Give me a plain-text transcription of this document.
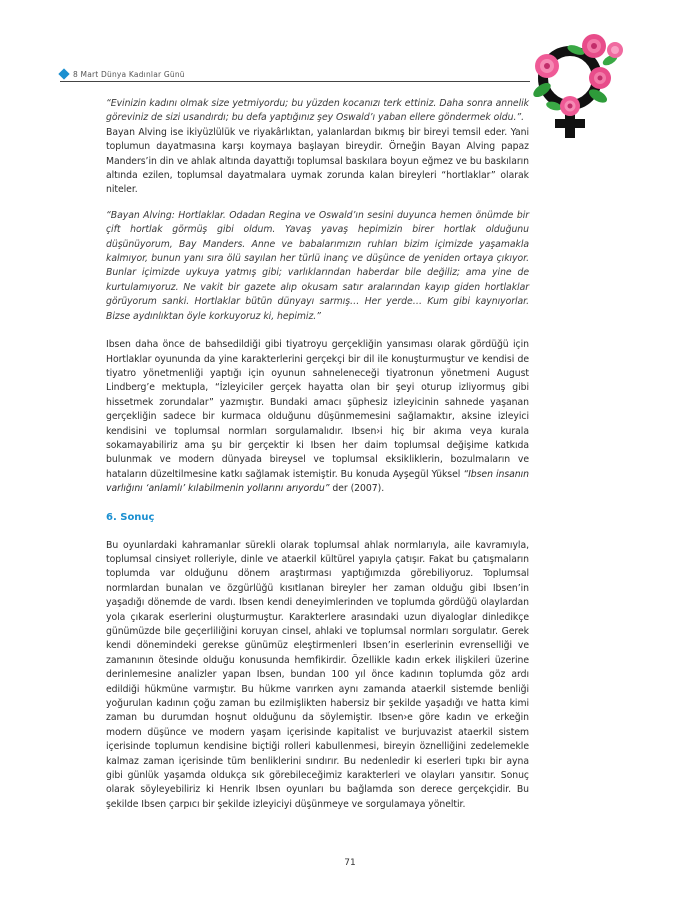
8 Mart Dünya Kadınlar Günü

“Evinizin kadını olmak size yetmiyordu; bu yüzden kocanızı terk ettiniz. Daha sonra annelik göreviniz de sizi usandırdı; bu defa yaptığınız şey Oswald’ı yaban ellere göndermek oldu.”.

Bayan Alving ise ikiyüzlülük ve riyakârlıktan, yalanlardan bıkmış bir bireyi temsil eder. Yani toplumun dayatmasına karşı koymaya başlayan bireydir. Örneğin Bayan Alving papaz Manders’in din ve ahlak altında dayattığı toplumsal baskılara boyun eğmez ve bu baskıların altında ezilen, toplumsal dayatmalara uymak zorunda kalan bireyleri “hortlaklar” olarak niteler.

“Bayan Alving: Hortlaklar. Odadan Regina ve Oswald’ın sesini duyunca hemen önümde bir çift hortlak görmüş gibi oldum. Yavaş yavaş hepimizin birer hortlak olduğunu düşünüyorum, Bay Manders. Anne ve babalarımızın ruhları bizim içimizde yaşamakla kalmıyor, bunun yanı sıra ölü sayılan her türlü inanç ve düşünce de yeniden ortaya çıkıyor. Bunlar içimizde uykuya yatmış gibi; varlıklarından haberdar bile değiliz; ama yine de kurtulamıyoruz. Ne vakit bir gazete alıp okusam satır aralarından kayıp giden hortlaklar görüyorum sanki. Hortlaklar bütün dünyayı sarmış… Her yerde… Kum gibi kaynıyorlar. Bizse aydınlıktan öyle korkuyoruz ki, hepimiz.”

Ibsen daha önce de bahsedildiği gibi tiyatroyu gerçekliğin yansıması olarak gördüğü için Hortlaklar oyununda da yine karakterlerini gerçekçi bir dil ile konuşturmuştur ve kendisi de tiyatro yönetmenliği yaptığı için oyunun sahneleneceği tiyatronun yönetmeni August Lindberg’e mektupla, “İzleyiciler gerçek hayatta olan bir şeyi oturup izliyormuş gibi hissetmek zorundalar” yazmıştır. Bundaki amacı şüphesiz izleyicinin sahnede yaşanan gerçekliğin sadece bir kurmaca olduğunu düşünmemesini sağlamaktır, aksine izleyici kendisini ve toplumsal normları sorgulamalıdır. Ibsen›i hiç bir akıma veya kurala sokamayabiliriz ama şu bir gerçektir ki Ibsen her daim toplumsal değişime katkıda bulunmak ve modern dünyada bireysel ve toplumsal eksikliklerin, bozulmaların ve hataların düzeltilmesine katkı sağlamak istemiştir. Bu konuda Ayşegül Yüksel “Ibsen insanın varlığını ‘anlamlı’ kılabilmenin yollarını arıyordu” der (2007).

6. Sonuç

Bu oyunlardaki kahramanlar sürekli olarak toplumsal ahlak normlarıyla, aile kavramıyla, toplumsal cinsiyet rolleriyle, dinle ve ataerkil kültürel yapıyla çatışır. Fakat bu çatışmaların toplumda var olduğunu dönem araştırması yaptığımızda görebiliyoruz. Toplumsal normlardan bunalan ve özgürlüğü kısıtlanan bireyler her zaman olduğu gibi Ibsen’in yaşadığı dönemde de vardı. Ibsen kendi deneyimlerinden ve toplumda gördüğü olaylardan yola çıkarak eserlerini oluşturmuştur. Karakterlere arasındaki uzun diyaloglar dinledikçe günümüzde bile geçerliliğini koruyan cinsel, ahlaki ve toplumsal normları sorgulatır. Gerek kendi dönemindeki gerekse günümüz eleştirmenleri Ibsen’in eserlerinin evrenselliği ve zamanının ötesinde olduğu konusunda hemfikirdir. Özellikle kadın erkek ilişkileri üzerine derinlemesine analizler yapan Ibsen, bundan 100 yıl önce kadının toplumda göz ardı edildiği hükmüne varmıştır. Bu hükme varırken aynı zamanda ataerkil sistemde benliği yoğurulan kadının çoğu zaman bu ezilmişlikten habersiz bir şekilde yaşadığı ve hatta kimi zaman bu durumdan hoşnut olduğunu da söylemiştir. Ibsen›e göre kadın ve erkeğin modern düşünce ve modern yaşam içerisinde kapitalist ve burjuvazist ataerkil sistem içerisinde toplumun kendisine biçtiği rolleri kabullenmesi, bireyin öznelliğini zedelemekle kalmaz zaman içerisinde tüm benliklerini sındırır. Bu nedenledir ki eserleri tıpkı bir ayna gibi günlük yaşamda oldukça sık görebileceğimiz karakterleri ve olayları yansıtır. Sonuç olarak söyleyebiliriz ki Henrik Ibsen oyunları bu bağlamda son derece gerçekçidir. Bu şekilde Ibsen çarpıcı bir şekilde izleyiciyi düşünmeye ve sorgulamaya yöneltir.

71
